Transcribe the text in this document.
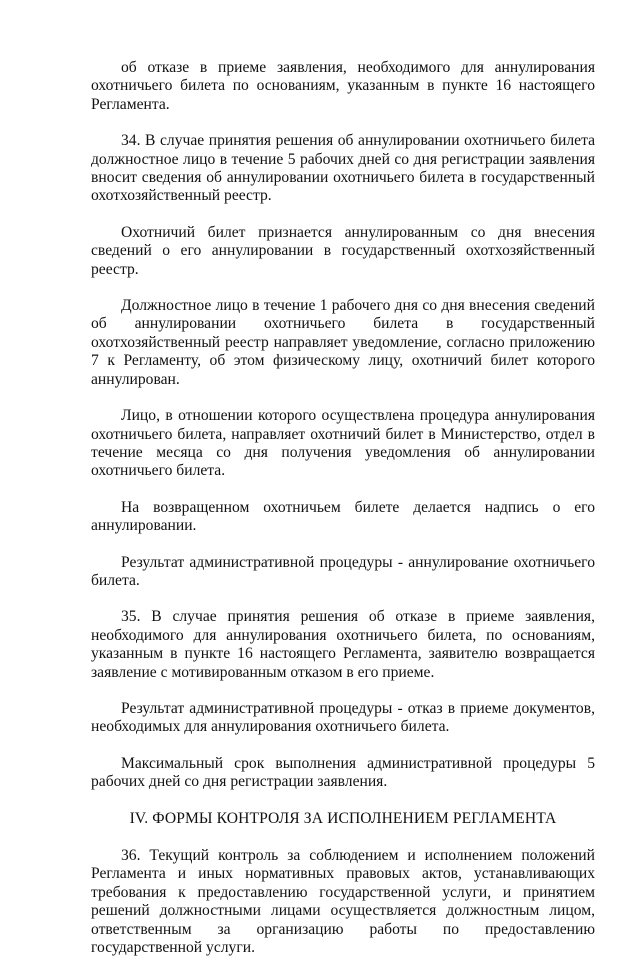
об отказе в приеме заявления, необходимого для аннулирования охотничьего билета по основаниям, указанным в пункте 16 настоящего Регламента.

34. В случае принятия решения об аннулировании охотничьего билета должностное лицо в течение 5 рабочих дней со дня регистрации заявления вносит сведения об аннулировании охотничьего билета в государственный охотхозяйственный реестр.

Охотничий билет признается аннулированным со дня внесения сведений о его аннулировании в государственный охотхозяйственный реестр.

Должностное лицо в течение 1 рабочего дня со дня внесения сведений об аннулировании охотничьего билета в государственный охотхозяйственный реестр направляет уведомление, согласно приложению 7 к Регламенту, об этом физическому лицу, охотничий билет которого аннулирован.

Лицо, в отношении которого осуществлена процедура аннулирования охотничьего билета, направляет охотничий билет в Министерство, отдел в течение месяца со дня получения уведомления об аннулировании охотничьего билета.

На возвращенном охотничьем билете делается надпись о его аннулировании.

Результат административной процедуры - аннулирование охотничьего билета.

35. В случае принятия решения об отказе в приеме заявления, необходимого для аннулирования охотничьего билета, по основаниям, указанным в пункте 16 настоящего Регламента, заявителю возвращается заявление с мотивированным отказом в его приеме.

Результат административной процедуры - отказ в приеме документов, необходимых для аннулирования охотничьего билета.

Максимальный срок выполнения административной процедуры 5 рабочих дней со дня регистрации заявления.

IV. ФОРМЫ КОНТРОЛЯ ЗА ИСПОЛНЕНИЕМ РЕГЛАМЕНТА

36. Текущий контроль за соблюдением и исполнением положений Регламента и иных нормативных правовых актов, устанавливающих требования к предоставлению государственной услуги, и принятием решений должностными лицами осуществляется должностным лицом, ответственным за организацию работы по предоставлению государственной услуги.
